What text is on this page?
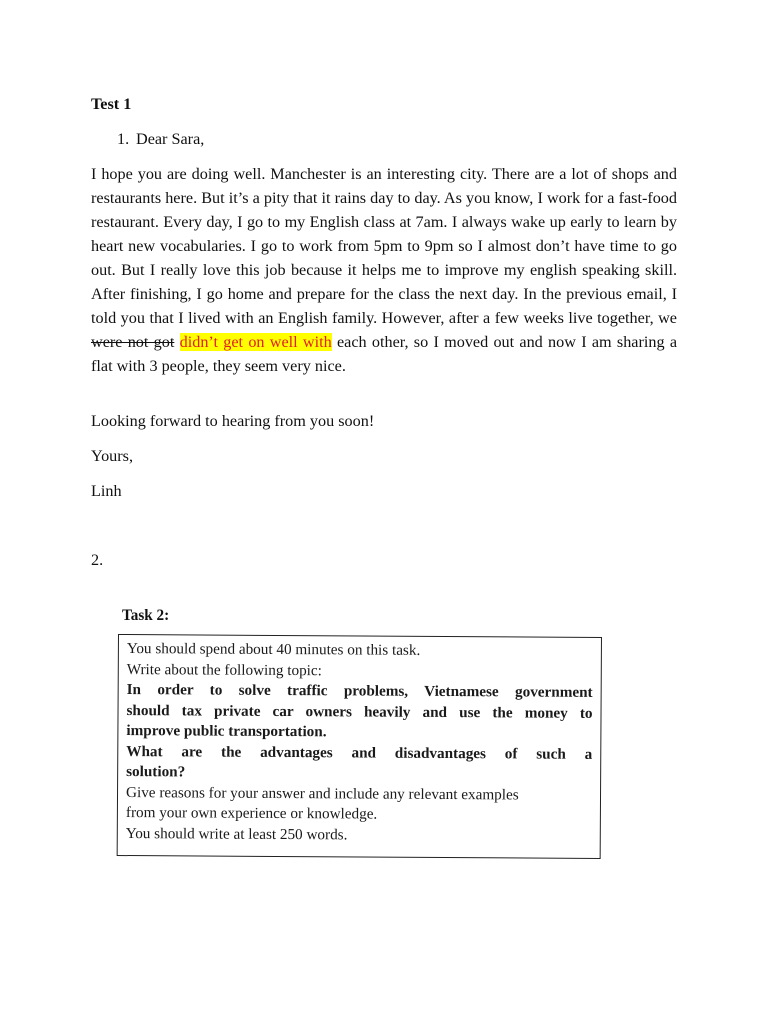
Test 1
1. Dear Sara,

I hope you are doing well. Manchester is an interesting city. There are a lot of shops and restaurants here. But it’s a pity that it rains day to day. As you know, I work for a fast-food restaurant. Every day, I go to my English class at 7am. I always wake up early to learn by heart new vocabularies. I go to work from 5pm to 9pm so I almost don’t have time to go out. But I really love this job because it helps me to improve my english speaking skill. After finishing, I go home and prepare for the class the next day. In the previous email, I told you that I lived with an English family. However, after a few weeks live together, we were not got didn’t get on well with each other, so I moved out and now I am sharing a flat with 3 people, they seem very nice.

Looking forward to hearing from you soon!
Yours,
Linh
2.
Task 2:
You should spend about 40 minutes on this task.
Write about the following topic:
In order to solve traffic problems, Vietnamese government
should tax private car owners heavily and use the money to
improve public transportation.
What are the advantages and disadvantages of such a
solution?
Give reasons for your answer and include any relevant examples
from your own experience or knowledge.
You should write at least 250 words.
